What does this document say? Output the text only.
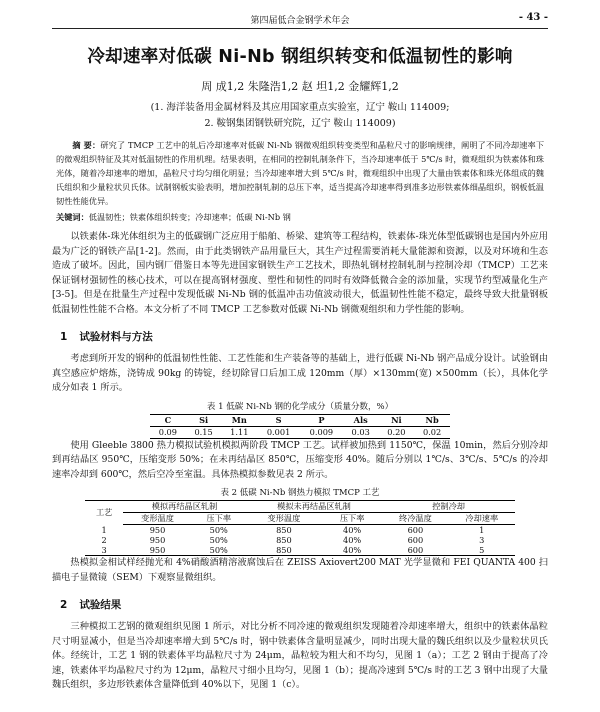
第四届低合金钢学术年会	- 43 -
冷却速率对低碳 Ni-Nb 钢组织转变和低温韧性的影响
周 成1,2 朱隆浩1,2 赵 坦1,2 金耀辉1,2
(1. 海洋装备用金属材料及其应用国家重点实验室，辽宁 鞍山 114009;
2. 鞍钢集团钢铁研究院，辽宁 鞍山 114009)
摘 要：研究了 TMCP 工艺中的轧后冷却速率对低碳 Ni-Nb 钢微观组织转变类型和晶粒尺寸的影响规律，阐明了不同冷却速率下的微观组织特征及其对低温韧性的作用机理。结果表明，在相同的控制轧制条件下，当冷却速率低于 5℃/s 时，微观组织为铁素体和珠光体，随着冷却速率的增加，晶粒尺寸均匀细化明显；当冷却速率增大到 5℃/s 时，微观组织中出现了大量由铁素体和珠光体组成的魏氏组织和少量粒状贝氏体。试制钢板实验表明，增加控制轧制的总压下率，适当提高冷却速率得到准多边形铁素体细晶组织，钢板低温韧性性能优异。
关键词：低温韧性；铁素体组织转变；冷却速率；低碳 Ni-Nb 钢

以铁素体-珠光体组织为主的低碳钢广泛应用于船舶、桥梁、建筑等工程结构，铁素体-珠光体型低碳钢也是国内外应用最为广泛的钢铁产品[1-2]。然而，由于此类钢铁产品用量巨大，其生产过程需要消耗大量能源和资源，以及对环境和生态造成了破坏。因此，国内钢厂借鉴日本等先进国家钢铁生产工艺技术，即热轧钢材控制轧制与控制冷却（TMCP）工艺来保证钢材强韧性的核心技术，可以在提高钢材强度、塑性和韧性的同时有效降低微合金的添加量，实现节约型减量化生产[3-5]。但是在批量生产过程中发现低碳 Ni-Nb 钢的低温冲击功值波动很大，低温韧性性能不稳定，最终导致大批量钢板低温韧性性能不合格。本文分析了不同 TMCP 工艺参数对低碳 Ni-Nb 钢微观组织和力学性能的影响。

1 试验材料与方法

考虑到所开发的钢种的低温韧性性能、工艺性能和生产装备等的基础上，进行低碳 Ni-Nb 钢产品成分设计。试验钢由真空感应炉熔炼，浇铸成 90kg 的铸锭，经切除冒口后加工成 120mm（厚）×130mm(宽) ×500mm（长），具体化学成分如表 1 所示。

表 1 低碳 Ni-Nb 钢的化学成分（质量分数，%）
C	Si	Mn	S	P	Als	Ni	Nb
0.09	0.15	1.11	0.001	0.009	0.03	0.20	0.02

使用 Gleeble 3800 热力模拟试验机模拟两阶段 TMCP 工艺。试样被加热到 1150℃，保温 10min，然后分别冷却到再结晶区 950℃，压缩变形 50%；在未再结晶区 850℃，压缩变形 40%。随后分别以 1℃/s、3℃/s、5℃/s 的冷却速率冷却到 600℃，然后空冷至室温。具体热模拟参数见表 2 所示。

表 2 低碳 Ni-Nb 钢热力模拟 TMCP 工艺
工艺	模拟再结晶区轧制		模拟未再结晶区轧制		控制冷却	
	变形温度	压下率	变形温度	压下率	终冷温度	冷却速率
1	950	50%	850	40%	600	1
2	950	50%	850	40%	600	3
3	950	50%	850	40%	600	5

热模拟金相试样经抛光和 4%硝酸酒精溶液腐蚀后在 ZEISS Axiovert200 MAT 光学显微和 FEI QUANTA 400 扫描电子显微镜（SEM）下观察显微组织。

2 试验结果

三种模拟工艺钢的微观组织见图 1 所示，对比分析不同冷速的微观组织发现随着冷却速率增大，组织中的铁素体晶粒尺寸明显减小，但是当冷却速率增大到 5℃/s 时，钢中铁素体含量明显减少，同时出现大量的魏氏组织以及少量粒状贝氏体。经统计，工艺 1 钢的铁素体平均晶粒尺寸为 24μm，晶粒较为粗大和不均匀，见图 1（a）；工艺 2 钢由于提高了冷速，铁素体平均晶粒尺寸约为 12μm，晶粒尺寸细小且均匀，见图 1（b）；提高冷速到 5℃/s 时的工艺 3 钢中出现了大量魏氏组织，多边形铁素体含量降低到 40%以下，见图 1（c）。
